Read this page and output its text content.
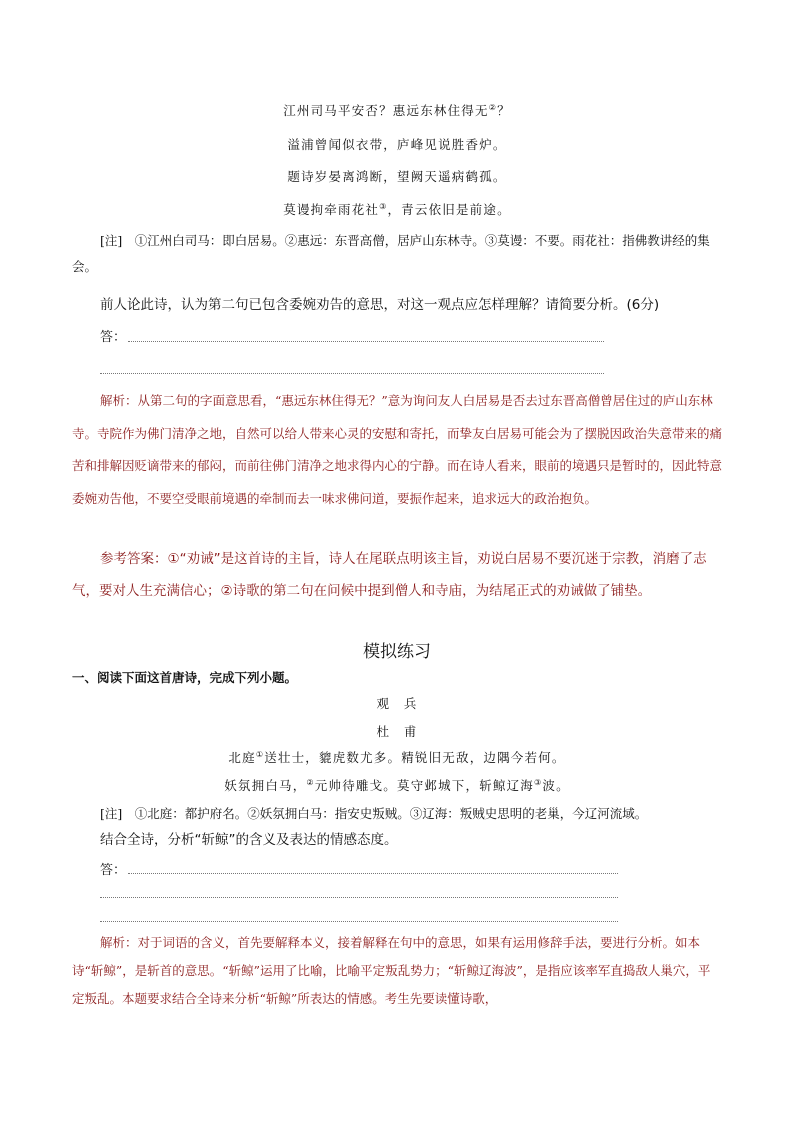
江州司马平安否？惠远东林住得无②？
溢浦曾闻似衣带，庐峰见说胜香炉。
题诗岁晏离鸿断，望阙天遥病鹤孤。
莫谩拘牵雨花社③，青云依旧是前途。
[注]　 ①江州白司马：即白居易。②惠远：东晋高僧，居庐山东林寺。③莫谩：不要。雨花社：指佛教讲经的集会。
前人论此诗，认为第二句已包含委婉劝告的意思，对这一观点应怎样理解？请简要分析。(6分)
答：
解析：从第二句的字面意思看，“惠远东林住得无？”意为询问友人白居易是否去过东晋高僧曾居住过的庐山东林寺。寺院作为佛门清净之地，自然可以给人带来心灵的安慰和寄托，而挚友白居易可能会为了摆脱因政治失意带来的痛苦和排解因贬谪带来的郁闷，而前往佛门清净之地求得内心的宁静。而在诗人看来，眼前的境遇只是暂时的，因此特意委婉劝告他，不要空受眼前境遇的牵制而去一味求佛问道，要振作起来，追求远大的政治抱负。
参考答案：①“劝诫”是这首诗的主旨，诗人在尾联点明该主旨，劝说白居易不要沉迷于宗教，消磨了志气，要对人生充满信心；②诗歌的第二句在问候中提到僧人和寺庙，为结尾正式的劝诫做了铺垫。
模拟练习
一、阅读下面这首唐诗，完成下列小题。
观　兵
杜　甫
北庭①送壮士，貔虎数尤多。精锐旧无敌，边隅今若何。
妖氛拥白马，②元帅待雕戈。莫守邺城下，斩鲸辽海③波。
[注]　 ①北庭：都护府名。②妖氛拥白马：指安史叛贼。③辽海：叛贼史思明的老巢，今辽河流域。
结合全诗，分析“斩鲸”的含义及表达的情感态度。
答：
解析：对于词语的含义，首先要解释本义，接着解释在句中的意思，如果有运用修辞手法，要进行分析。如本诗“斩鲸”，是斩首的意思。“斩鲸”运用了比喻，比喻平定叛乱势力；“斩鲸辽海波”，是指应该率军直捣敌人巢穴，平定叛乱。本题要求结合全诗来分析“斩鲸”所表达的情感。考生先要读懂诗歌，
